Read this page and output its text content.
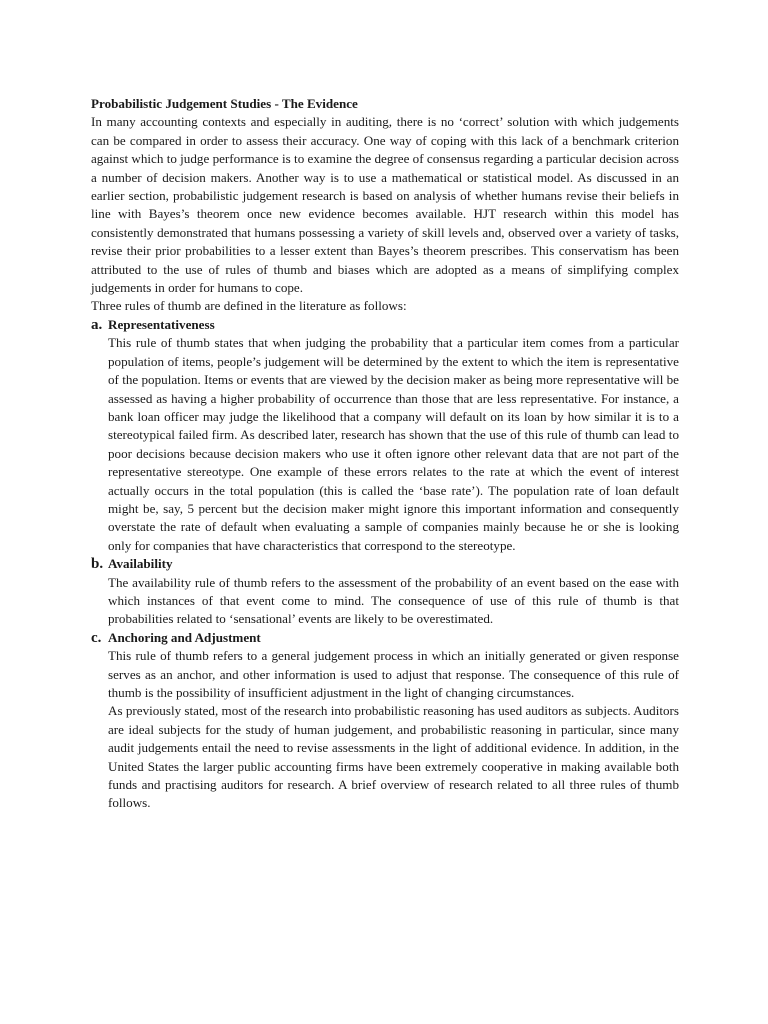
Probabilistic Judgement Studies - The Evidence

In many accounting contexts and especially in auditing, there is no ‘correct’ solution with which judgements can be compared in order to assess their accuracy. One way of coping with this lack of a benchmark criterion against which to judge performance is to examine the degree of consensus regarding a particular decision across a number of decision makers. Another way is to use a mathematical or statistical model. As discussed in an earlier section, probabilistic judgement research is based on analysis of whether humans revise their beliefs in line with Bayes’s theorem once new evidence becomes available. HJT research within this model has consistently demonstrated that humans possessing a variety of skill levels and, observed over a variety of tasks, revise their prior probabilities to a lesser extent than Bayes’s theorem prescribes. This conservatism has been attributed to the use of rules of thumb and biases which are adopted as a means of simplifying complex judgements in order for humans to cope.

Three rules of thumb are defined in the literature as follows:

a. Representativeness

This rule of thumb states that when judging the probability that a particular item comes from a particular population of items, people’s judgement will be determined by the extent to which the item is representative of the population. Items or events that are viewed by the decision maker as being more representative will be assessed as having a higher probability of occurrence than those that are less representative. For instance, a bank loan officer may judge the likelihood that a company will default on its loan by how similar it is to a stereotypical failed firm. As described later, research has shown that the use of this rule of thumb can lead to poor decisions because decision makers who use it often ignore other relevant data that are not part of the representative stereotype. One example of these errors relates to the rate at which the event of interest actually occurs in the total population (this is called the ‘base rate’). The population rate of loan default might be, say, 5 percent but the decision maker might ignore this important information and consequently overstate the rate of default when evaluating a sample of companies mainly because he or she is looking only for companies that have characteristics that correspond to the stereotype.

b. Availability

The availability rule of thumb refers to the assessment of the probability of an event based on the ease with which instances of that event come to mind. The consequence of use of this rule of thumb is that probabilities related to ‘sensational’ events are likely to be overestimated.

c. Anchoring and Adjustment

This rule of thumb refers to a general judgement process in which an initially generated or given response serves as an anchor, and other information is used to adjust that response. The consequence of this rule of thumb is the possibility of insufficient adjustment in the light of changing circumstances.

As previously stated, most of the research into probabilistic reasoning has used auditors as subjects. Auditors are ideal subjects for the study of human judgement, and probabilistic reasoning in particular, since many audit judgements entail the need to revise assessments in the light of additional evidence. In addition, in the United States the larger public accounting firms have been extremely cooperative in making available both funds and practising auditors for research. A brief overview of research related to all three rules of thumb follows.
